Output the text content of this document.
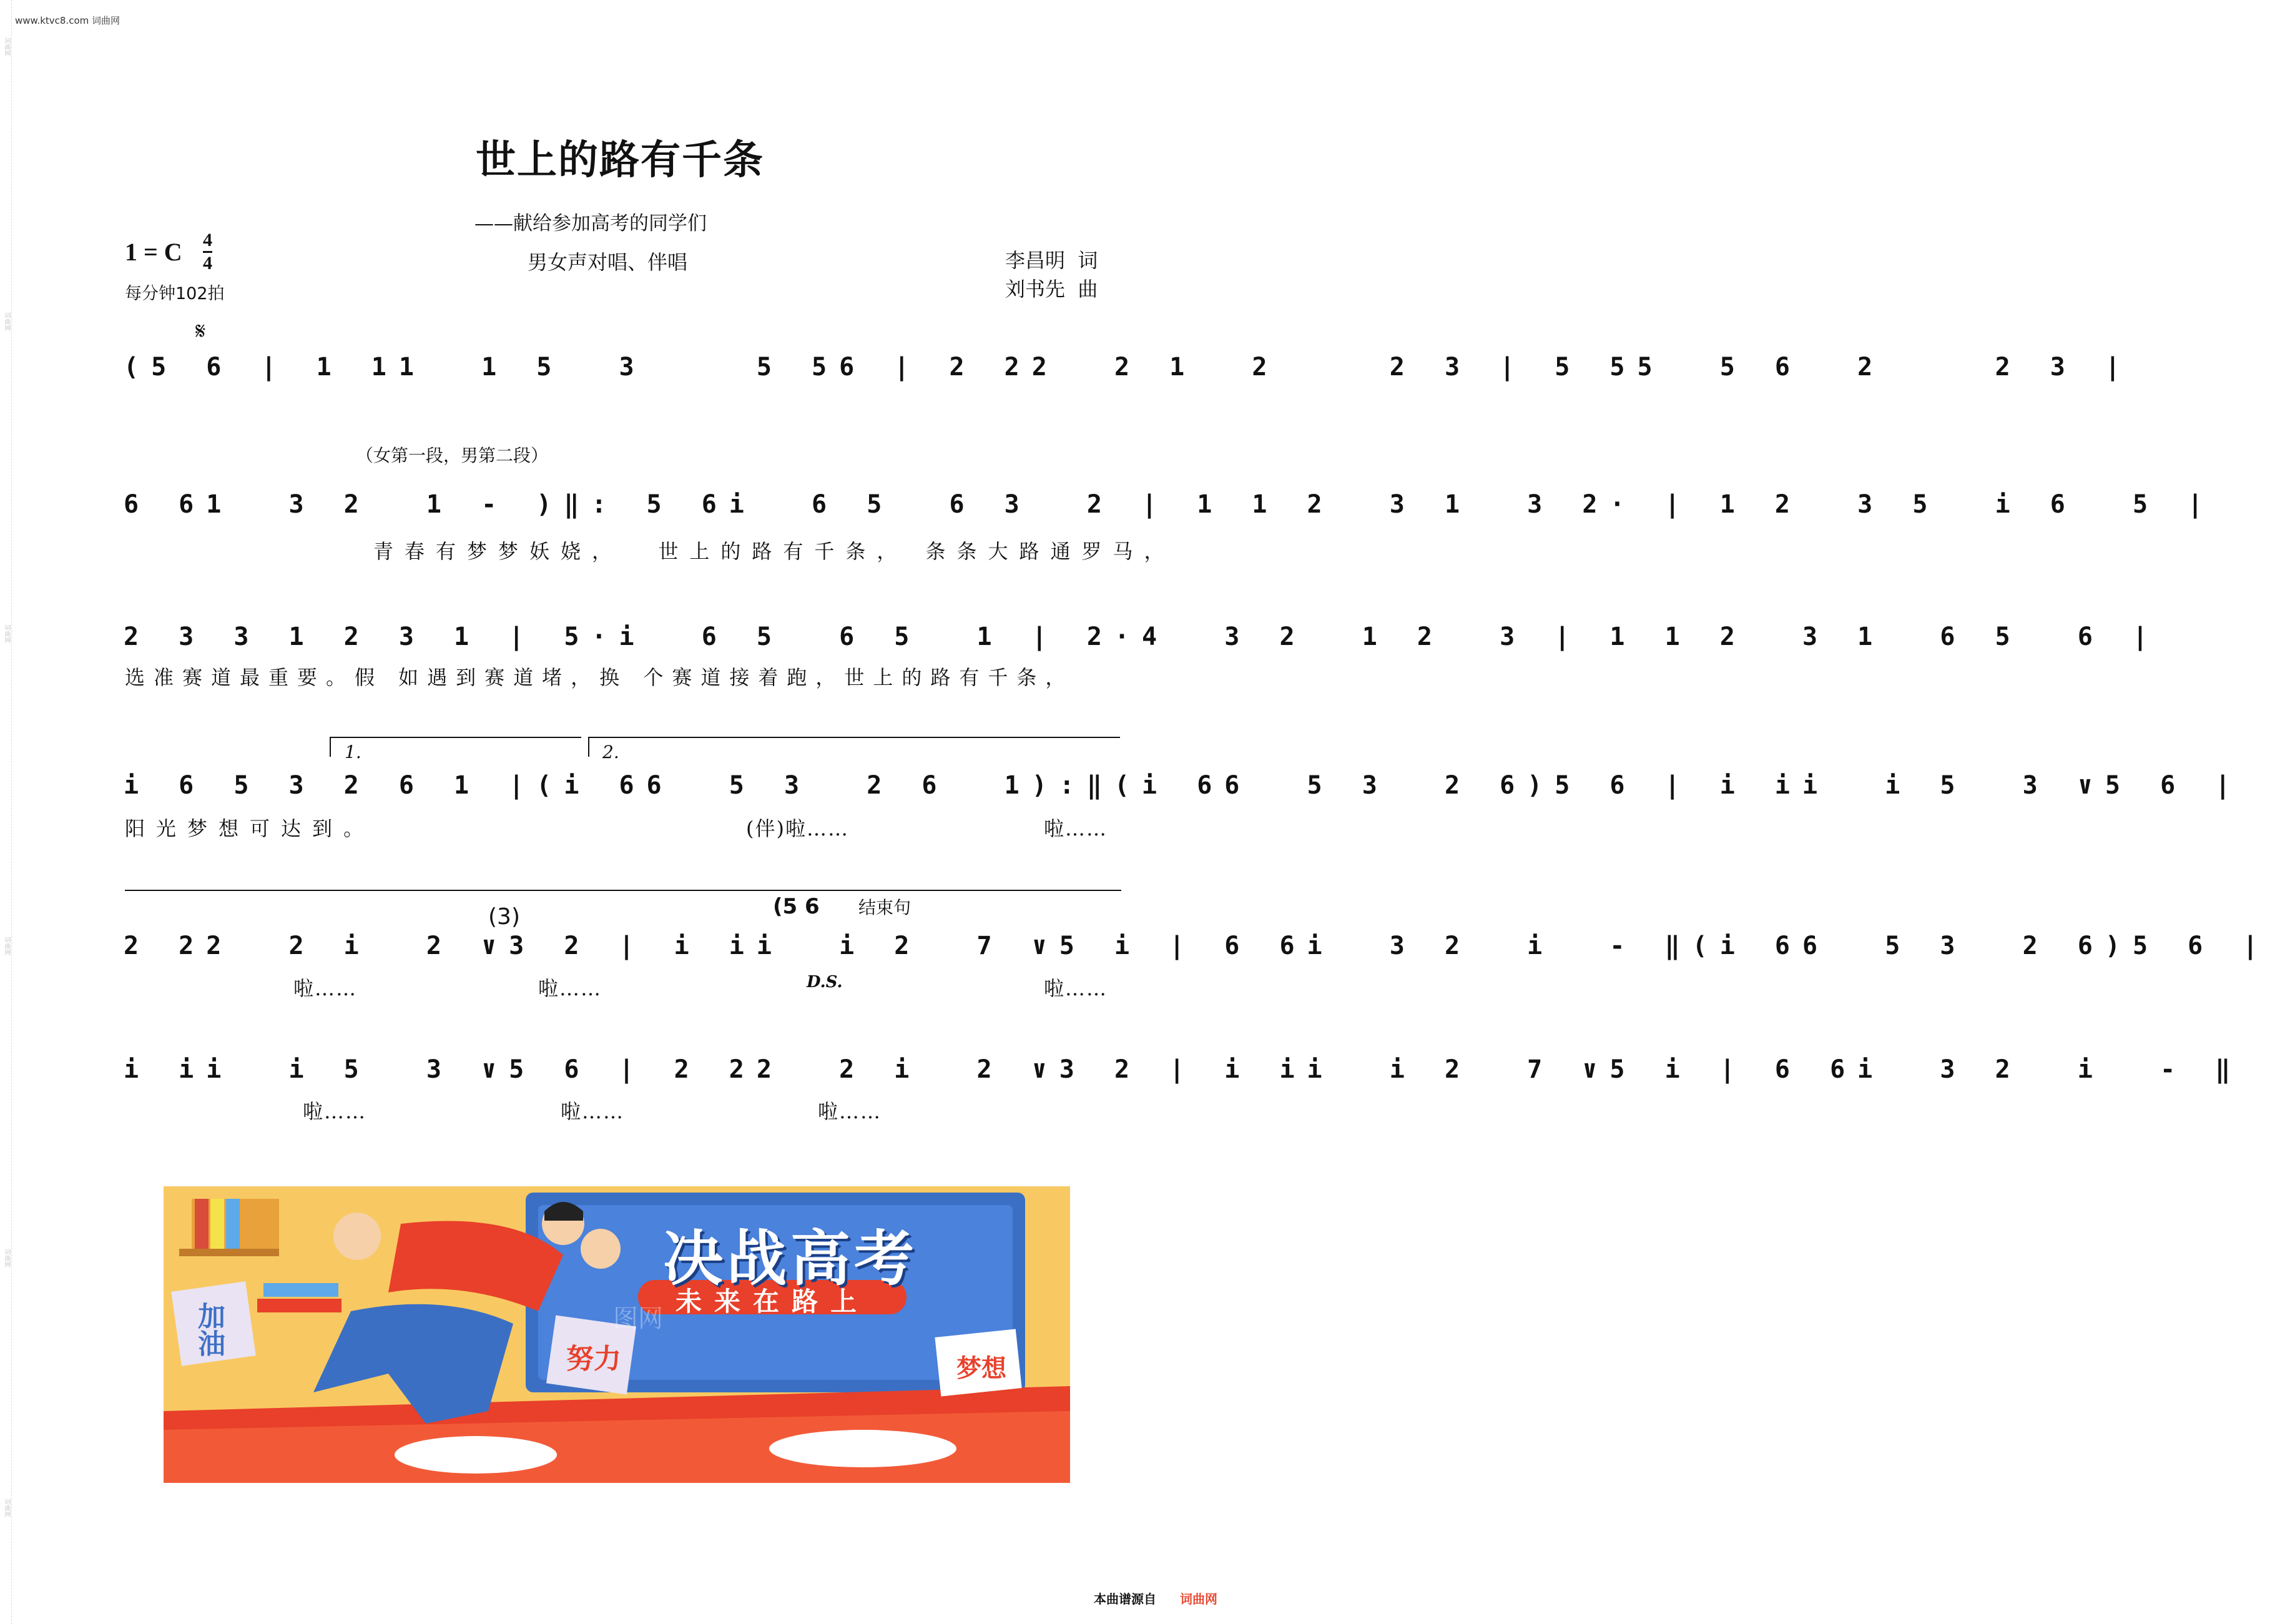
词曲网
词曲网
词曲网
词曲网
词曲网
词曲网
www.ktvc8.com 词曲网
世上的路有千条
——献给参加高考的同学们
男女声对唱、伴唱	李昌明  词
刘书先  曲
1 = C 4
4
每分钟102拍
𝄋
(5 6 | 1 11  1 5  3    5 56 | 2 22  2 1  2    2 3 | 5 55  5 6  2    2 3 |
（女第一段，男第二段）
6 61  3 2  1 - )‖: 5 6i  6 5  6 3  2 | 1 1 2  3 1  3 2· | 1 2  3 5  i 6  5 |
青春有梦梦妖娆，  世上的路有千条， 条条大路通罗马，
2 3 3 1 2 3 1 | 5·i  6 5  6 5  1 | 2·4  3 2  1 2  3 | 1 1 2  3 1  6 5  6 |
选准赛道最重要。假 如遇到赛道堵，换 个赛道接着跑，世上的路有千条，
1.	2.
i 6 5 3 2 6 1 |(i 66  5 3  2 6  1):‖(i 66  5 3  2 6)5 6 | i ii  i 5  3 ∨5 6 |
阳光梦想可达到。	(伴)啦……	啦……
(3)	(5 6 结束句
2 22  2 i  2 ∨3 2 | i ii  i 2  7 ∨5 i | 6 6i  3 2  i  - ‖(i 66  5 3  2 6)5 6 |
啦……	啦……	D.S.	啦……
i ii  i 5  3 ∨5 6 | 2 22  2 i  2 ∨3 2 | i ii  i 2  7 ∨5 i | 6 6i  3 2  i  - ‖
啦……	啦……	啦……
决战高考
未来在路上
加油
努力	梦想
图网
本曲谱源自 词曲网
